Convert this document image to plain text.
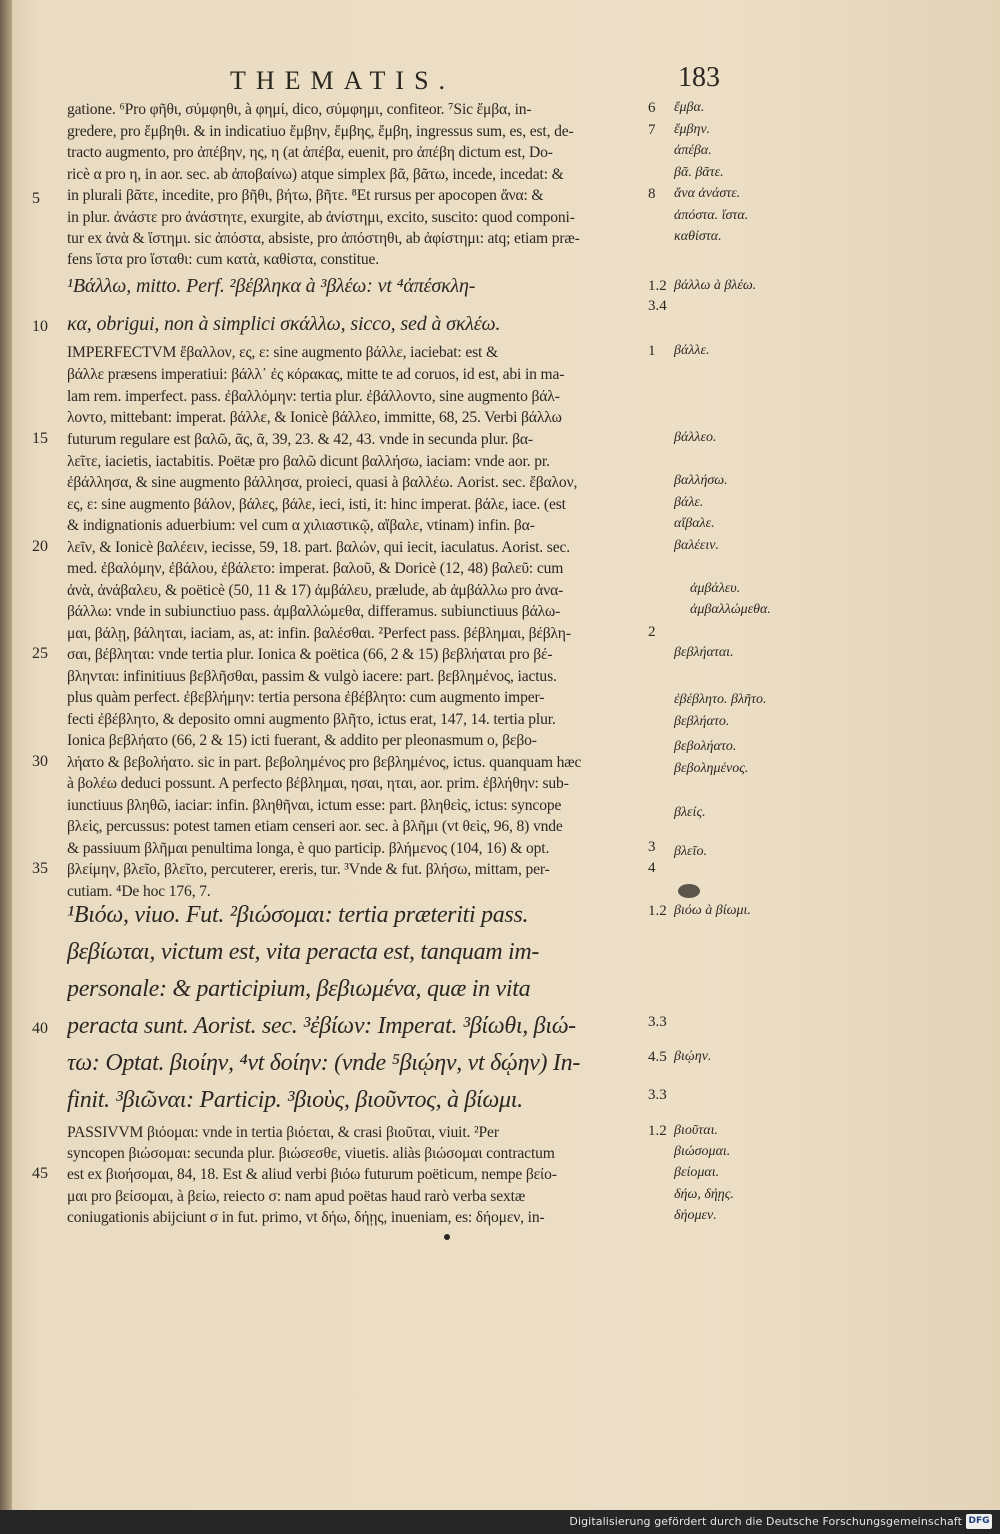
THEMATIS.	183
gatione. ⁶Pro φῆθι, σύμφηθι, à φημί, dico, σύμφημι, confiteor. ⁷Sic ἔμβα, in-
gredere, pro ἔμβηθι. & in indicatiuo ἔμβην, ἔμβης, ἔμβη, ingressus sum, es, est, de-
tracto augmento, pro ἀπέβην, ης, η (at ἀπέβα, euenit, pro ἀπέβη dictum est, Do-
ricè α pro η, in aor. sec. ab ἀποβαίνω) atque simplex βᾶ, βᾶτω, incede, incedat: &
in plurali βᾶτε, incedite, pro βῆθι, βήτω, βῆτε. ⁸Et rursus per apocopen ἄνα: &
in plur. ἀνάστε pro ἀνάστητε, exurgite, ab ἀνίστημι, excito, suscito: quod componi-
tur ex ἀνὰ & ἵστημι. sic ἀπόστα, absiste, pro ἀπόστηθι, ab ἀφίστημι: atq; etiam præ-
fens ἵστα pro ἵσταθι: cum κατὰ, καθίστα, constitue.
¹Βάλλω, mitto. Perf. ²βέβληκα à ³βλέω: vt ⁴ἀπέσκλη-
κα, obrigui, non à simplici σκάλλω, sicco, sed à σκλέω.
IMPERFECTVM ἔβαλλον, ες, ε: sine augmento βάλλε, iaciebat: est &
βάλλε præsens imperatiui: βάλλ᾽ ἐς κόρακας, mitte te ad coruos, id est, abi in ma-
lam rem. imperfect. pass. ἐβαλλόμην: tertia plur. ἐβάλλοντο, sine augmento βάλ-
λοντο, mittebant: imperat. βάλλε, & Ionicè βάλλεο, immitte, 68, 25. Verbi βάλλω
futurum regulare est βαλῶ, ᾶς, ᾶ, 39, 23. & 42, 43. vnde in secunda plur. βα-
λεῖτε, iacietis, iactabitis. Poëtæ pro βαλῶ dicunt βαλλήσω, iaciam: vnde aor. pr.
ἐβάλλησα, & sine augmento βάλλησα, proieci, quasi à βαλλέω. Aorist. sec. ἔβαλον,
ες, ε: sine augmento βάλον, βάλες, βάλε, ieci, isti, it: hinc imperat. βάλε, iace. (est
& indignationis aduerbium: vel cum α χιλιαστικῷ, αἴβαλε, vtinam) infin. βα-
λεῖν, & Ionicè βαλέειν, iecisse, 59, 18. part. βαλών, qui iecit, iaculatus. Aorist. sec.
med. ἐβαλόμην, ἐβάλου, ἐβάλετο: imperat. βαλοῦ, & Doricè (12, 48) βαλεῦ: cum
ἀνὰ, ἀνάβαλευ, & poëticè (50, 11 & 17) ἀμβάλευ, præludе, ab ἀμβάλλω pro ἀνα-
βάλλω: vnde in subiunctiuo pass. ἀμβαλλώμεθα, differamus. subiunctiuus βάλω-
μαι, βάλῃ, βάληται, iaciam, as, at: infin. βαλέσθαι. ²Perfect pass. βέβλημαι, βέβλη-
σαι, βέβληται: vnde tertia plur. Ionica & poëtica (66, 2 & 15) βεβλήαται pro βέ-
βληνται: infinitiuus βεβλῆσθαι, passim & vulgò iacere: part. βεβλημένος, iactus.
plus quàm perfect. ἐβεβλήμην: tertia persona ἐβέβλητο: cum augmento imper-
fecti ἐβέβλητο, & deposito omni augmento βλῆτο, ictus erat, 147, 14. tertia plur.
Ionica βεβλήατο (66, 2 & 15) icti fuerant, & addito per pleonasmum ο, βεβο-
λήατο & βεβολήατο. sic in part. βεβολημένος pro βεβλημένος, ictus. quanquam hæc
à βολέω deduci possunt. A perfecto βέβλημαι, ησαι, ηται, aor. prim. ἐβλήθην: sub-
iunctiuus βληθῶ, iaciar: infin. βληθῆναι, ictum esse: part. βληθεὶς, ictus: syncope
βλεὶς, percussus: potest tamen etiam censeri aor. sec. à βλῆμι (vt θεὶς, 96, 8) vnde
& passiuum βλῆμαι penultima longa, è quo particip. βλήμενος (104, 16) & opt.
βλείμην, βλεῖο, βλεῖτο, percuterer, ereris, tur. ³Vnde & fut. βλήσω, mittam, per-
cutiam. ⁴De hoc 176, 7.
¹Βιόω, viuo. Fut. ²βιώσομαι: tertia præteriti pass.
βεβίωται, victum est, vita peracta est, tanquam im-
personale: & participium, βεβιωμένα, quæ in vita
peracta sunt. Aorist. sec. ³ἐβίων: Imperat. ³βίωθι, βιώ-
τω: Optat. βιοίην, ⁴vt δοίην: (vnde ⁵βιῴην, vt δῴην) In-
finit. ³βιῶναι: Particip. ³βιοὺς, βιοῦντος, à βίωμι.
PASSIVVM βιόομαι: vnde in tertia βιόεται, & crasi βιοῦται, viuit. ²Per
syncopen βιώσομαι: secunda plur. βιώσεσθε, viuetis. aliàs βιώσομαι contractum
est ex βιοήσομαι, 84, 18. Est & aliud verbi βιόω futurum poëticum, nempe βείο-
μαι pro βείσομαι, à βείω, reiecto σ: nam apud poëtas haud rarò verba sextæ
coniugationis abijciunt σ in fut. primo, vt δήω, δήῃς, inueniam, es: δήομεν, in-
5
10
15
20
25
30
35
40
45
6
7
8
1.2
3.4
1
2
3
4
1.2
3.3
4.5
3.3
1.2
ἔμβα.
ἔμβην.
ἀπέβα.
βᾶ. βᾶτε.
ἄνα ἀνάστε.
ἀπόστα. ἵστα.
καθίστα.
βάλλω à βλέω.
βάλλε.
βάλλεο.
βαλλήσω.
βάλε.
αἴβαλε.
βαλέειν.
ἀμβάλευ.
ἀμβαλλώμεθα.
βεβλήαται.
ἐβέβλητο. βλῆτο.
βεβλήατο.
βεβολήατο.
βεβολημένος.
βλείς.
βλεῖο.
βιόω à βίωμι.
βιῴην.
βιοῦται.
βιώσομαι.
βείομαι.
δήω, δήῃς.
δήομεν.
Digitalisierung gefördert durch die Deutsche Forschungsgemeinschaft DFG
